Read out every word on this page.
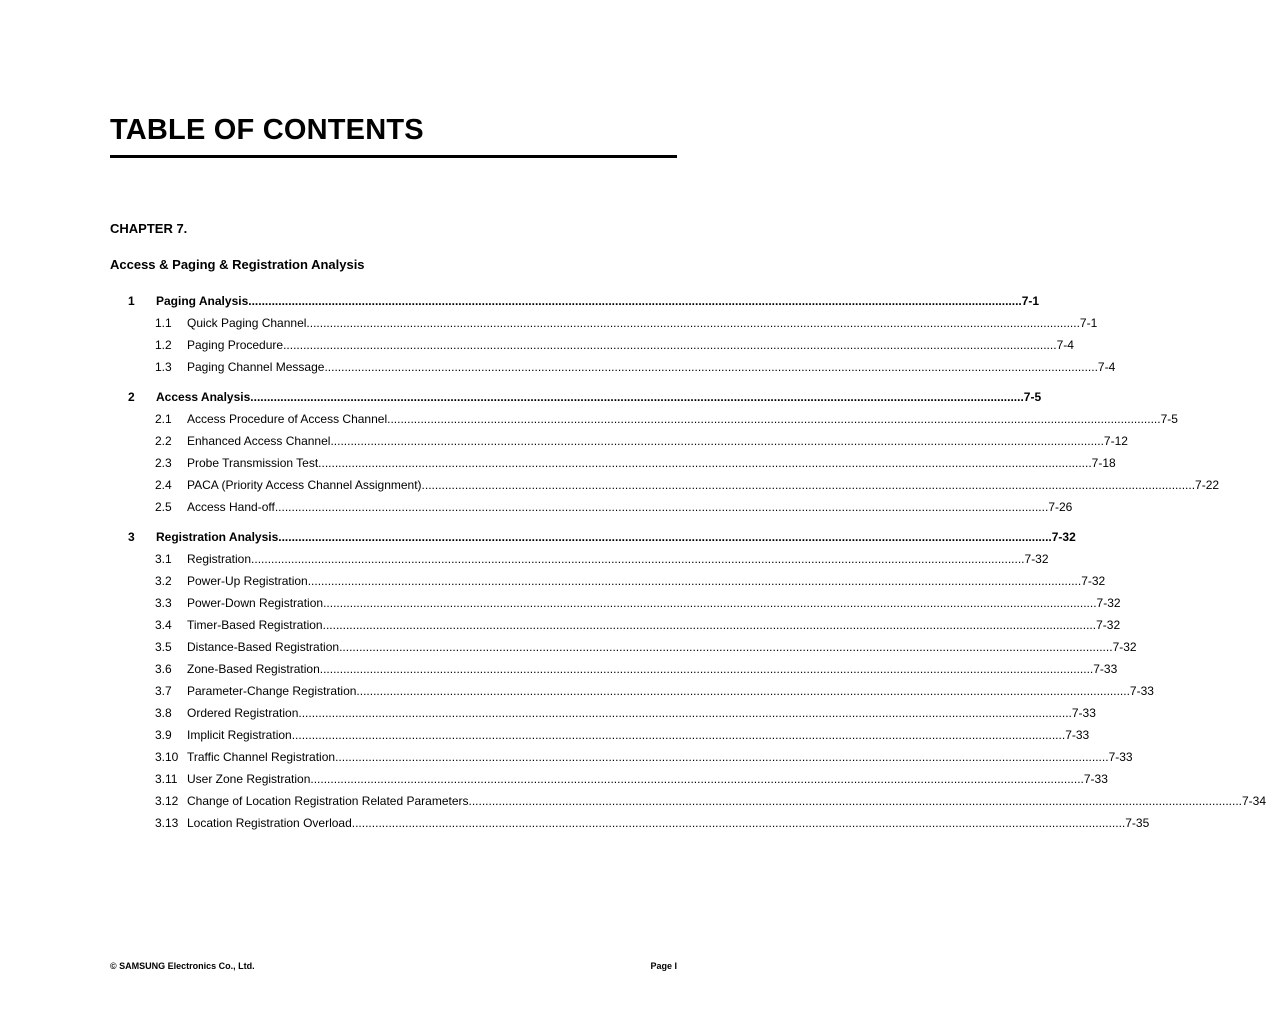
TABLE OF CONTENTS
CHAPTER 7.
Access & Paging & Registration Analysis
1 Paging Analysis .....	7-1
1.1 Quick Paging Channel .....	7-1
1.2 Paging Procedure .....	7-4
1.3 Paging Channel Message .....	7-4
2 Access Analysis .....	7-5
2.1 Access Procedure of Access Channel .....	7-5
2.2 Enhanced Access Channel .....	7-12
2.3 Probe Transmission Test .....	7-18
2.4 PACA (Priority Access Channel Assignment) .....	7-22
2.5 Access Hand-off .....	7-26
3 Registration Analysis .....	7-32
3.1 Registration .....	7-32
3.2 Power-Up Registration .....	7-32
3.3 Power-Down Registration .....	7-32
3.4 Timer-Based Registration .....	7-32
3.5 Distance-Based Registration .....	7-32
3.6 Zone-Based Registration .....	7-33
3.7 Parameter-Change Registration .....	7-33
3.8 Ordered Registration .....	7-33
3.9 Implicit Registration .....	7-33
3.10 Traffic Channel Registration .....	7-33
3.11 User Zone Registration .....	7-33
3.12 Change of Location Registration Related Parameters .....	7-34
3.13 Location Registration Overload .....	7-35
© SAMSUNG Electronics Co., Ltd.	Page I
